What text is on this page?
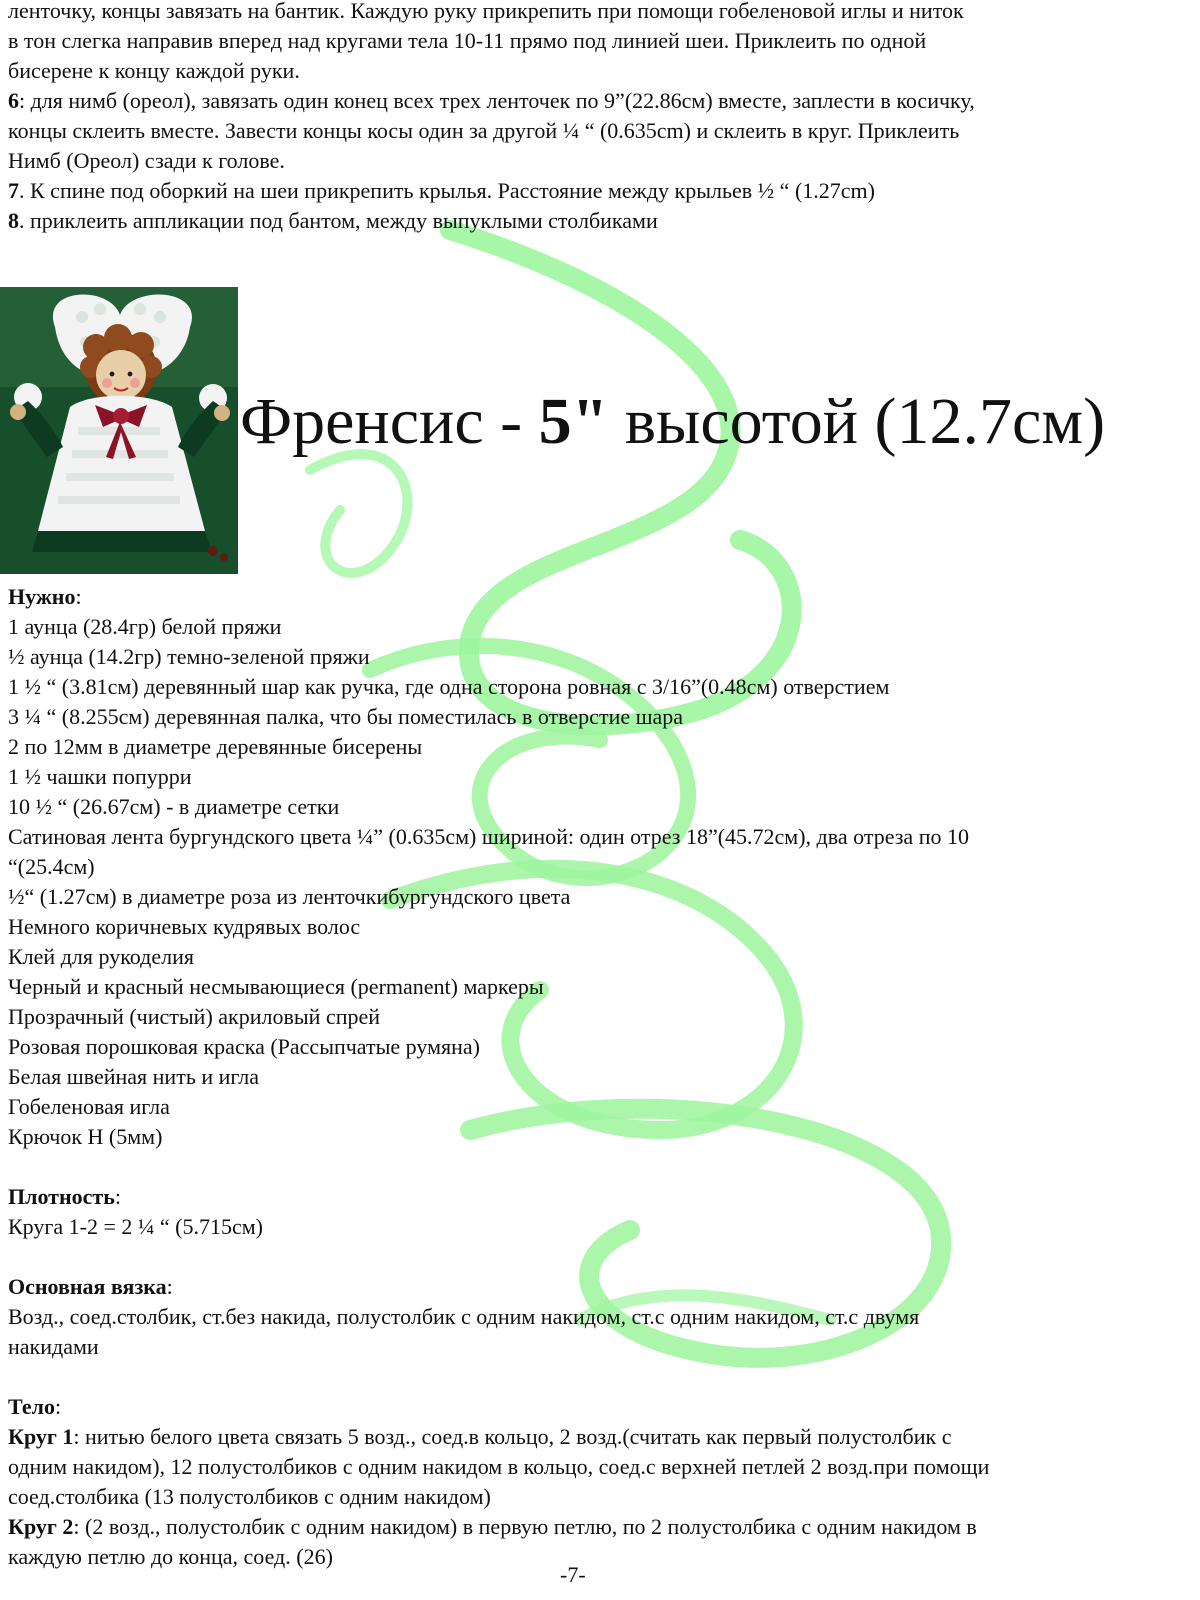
ленточку, концы завязать на бантик. Каждую руку прикрепить при помощи гобеленовой иглы и ниток
в тон слегка направив вперед над кругами тела 10-11 прямо под линией шеи. Приклеить по одной
бисерене к концу каждой руки.
6: для нимб (ореол), завязать один конец всех трех ленточек по 9”(22.86см) вместе, заплести в косичку,
концы склеить вместе. Завести концы косы один за другой ¼ “ (0.635cm) и склеить в круг. Приклеить
Нимб (Ореол) сзади к голове.
7. К спине под оборкий на шеи прикрепить крылья. Расстояние между крыльев ½ “ (1.27cm)
8. приклеить аппликации под бантом, между выпуклыми столбиками
Френсис - 5" высотой (12.7см)
Нужно:
1 аунца (28.4гр) белой пряжи
½ аунца (14.2гр) темно-зеленой пряжи
1 ½ “ (3.81см) деревянный шар как ручка, где одна сторона ровная с 3/16”(0.48см) отверстием
3 ¼ “ (8.255см) деревянная палка, что бы поместилась в отверстие шара
2 по 12мм в диаметре деревянные бисерены
1 ½ чашки попурри
10 ½ “ (26.67см) - в диаметре сетки
Сатиновая лента бургундского цвета ¼” (0.635см) шириной: один отрез 18”(45.72см), два отреза по 10
“(25.4см)
½“ (1.27см) в диаметре роза из ленточкибургундского цвета
Немного коричневых кудрявых волос
Клей для рукоделия
Черный и красный несмывающиеся (permanent) маркеры
Прозрачный (чистый) акриловый спрей
Розовая порошковая краска (Рассыпчатые румяна)
Белая швейная нить и игла
Гобеленовая игла
Крючок H (5мм)
Плотность:
Круга 1-2 = 2 ¼ “ (5.715см)
Основная вязка:
Возд., соед.столбик, ст.без накида, полустолбик с одним накидом, ст.с одним накидом, ст.с двумя
накидами
Тело:
Круг 1: нитью белого цвета связать 5 возд., соед.в кольцо, 2 возд.(считать как первый полустолбик с
одним накидом), 12 полустолбиков с одним накидом в кольцо, соед.с верхней петлей 2 возд.при помощи
соед.столбика (13 полустолбиков с одним накидом)
Круг 2: (2 возд., полустолбик с одним накидом) в первую петлю, по 2 полустолбика с одним накидом в
каждую петлю до конца, соед. (26)
-7-
